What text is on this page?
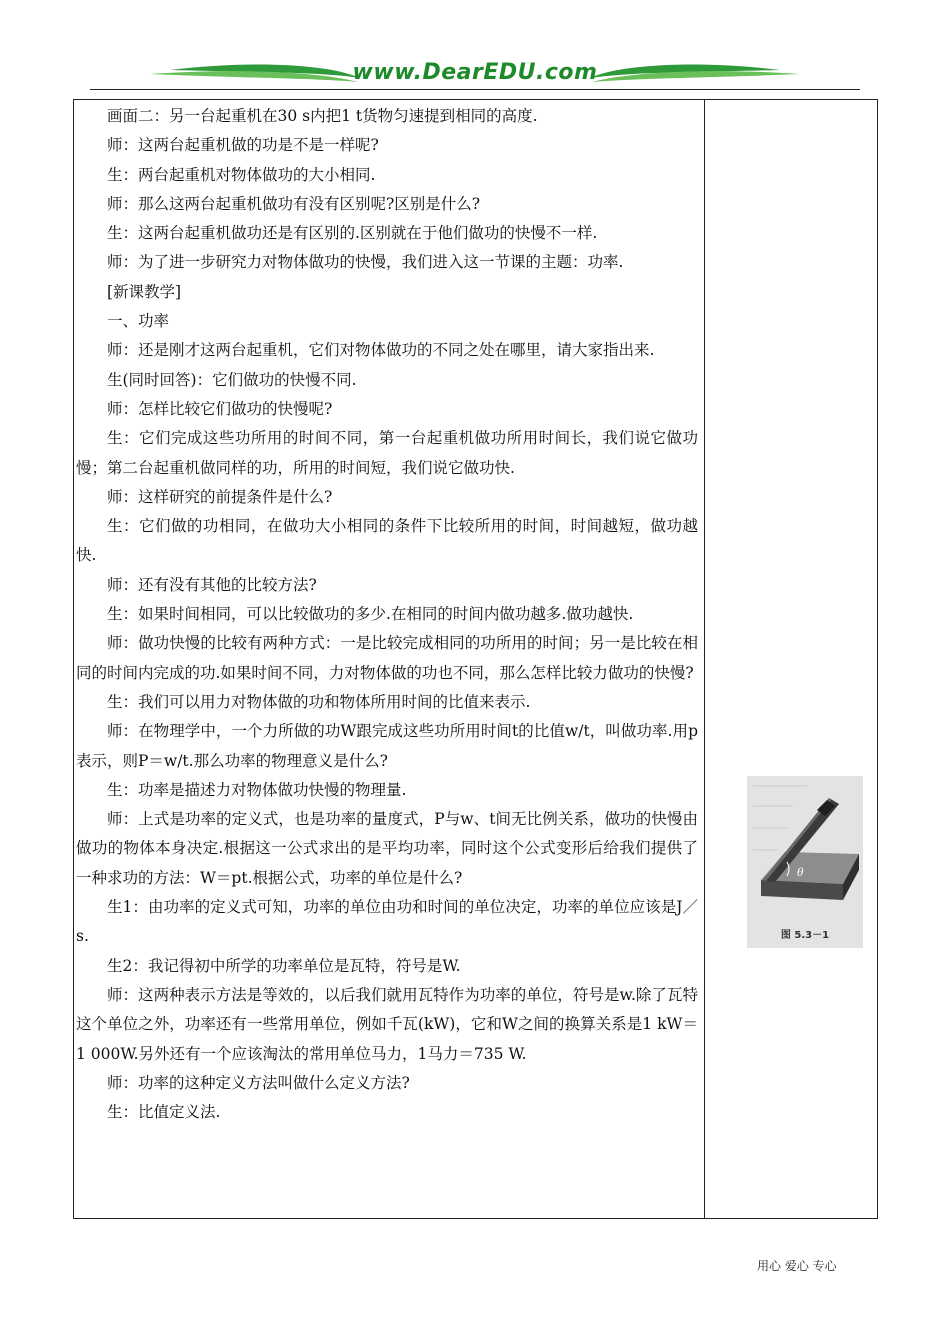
www.DearEDU.com

画面二：另一台起重机在30 s内把1 t货物匀速提到相同的高度.

师：这两台起重机做的功是不是一样呢?

生：两台起重机对物体做功的大小相同.

师：那么这两台起重机做功有没有区别呢?区别是什么?

生：这两台起重机做功还是有区别的.区别就在于他们做功的快慢不一样.

师：为了进一步研究力对物体做功的快慢，我们进入这一节课的主题：功率.

[新课教学]

一、功率

师：还是刚才这两台起重机，它们对物体做功的不同之处在哪里，请大家指出来.

生(同时回答)：它们做功的快慢不同.

师：怎样比较它们做功的快慢呢?

生：它们完成这些功所用的时间不同，第一台起重机做功所用时间长，我们说它做功慢；第二台起重机做同样的功，所用的时间短，我们说它做功快.

师：这样研究的前提条件是什么?

生：它们做的功相同，在做功大小相同的条件下比较所用的时间，时间越短，做功越快.

师：还有没有其他的比较方法?

生：如果时间相同，可以比较做功的多少.在相同的时间内做功越多.做功越快.

师：做功快慢的比较有两种方式：一是比较完成相同的功所用的时间；另一是比较在相同的时间内完成的功.如果时间不同，力对物体做的功也不同，那么怎样比较力做功的快慢?

生：我们可以用力对物体做的功和物体所用时间的比值来表示.

师：在物理学中，一个力所做的功W跟完成这些功所用时间t的比值w/t，叫做功率.用p表示，则P＝w/t.那么功率的物理意义是什么?

生：功率是描述力对物体做功快慢的物理量.

师：上式是功率的定义式，也是功率的量度式，P与w、t间无比例关系，做功的快慢由做功的物体本身决定.根据这一公式求出的是平均功率，同时这个公式变形后给我们提供了一种求功的方法：W＝pt.根据公式，功率的单位是什么?

生1：由功率的定义式可知，功率的单位由功和时间的单位决定，功率的单位应该是J／s.

生2：我记得初中所学的功率单位是瓦特，符号是W.

师：这两种表示方法是等效的，以后我们就用瓦特作为功率的单位，符号是w.除了瓦特这个单位之外，功率还有一些常用单位，例如千瓦(kW)，它和W之间的换算关系是1 kW＝1 000W.另外还有一个应该淘汰的常用单位马力，1马力＝735 W.

师：功率的这种定义方法叫做什么定义方法?

生：比值定义法.

θ
图 5.3－1
用心 爱心 专心
